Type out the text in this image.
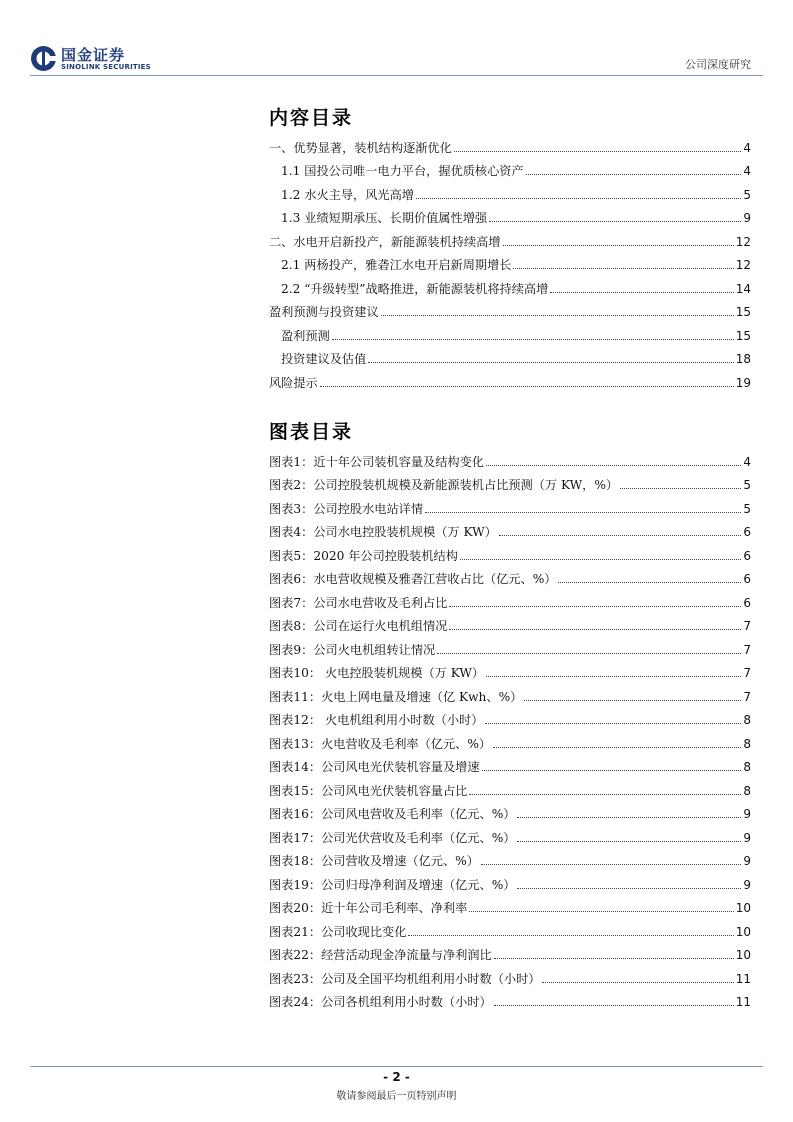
国金证券
SINOLINK SECURITIES	公司深度研究
内容目录
一、优势显著，装机结构逐渐优化	4
1.1 国投公司唯一电力平台，握优质核心资产	4
1.2 水火主导，风光高增	5
1.3 业绩短期承压、长期价值属性增强	9
二、水电开启新投产，新能源装机持续高增	12
2.1 两杨投产，雅砻江水电开启新周期增长	12
2.2 “升级转型”战略推进，新能源装机将持续高增	14
盈利预测与投资建议	15
盈利预测	15
投资建议及估值	18
风险提示	19
图表目录
图表1：近十年公司装机容量及结构变化	4
图表2：公司控股装机规模及新能源装机占比预测（万 KW，%）	5
图表3：公司控股水电站详情	5
图表4：公司水电控股装机规模（万 KW）	6
图表5：2020 年公司控股装机结构	6
图表6：水电营收规模及雅砻江营收占比（亿元、%）	6
图表7：公司水电营收及毛利占比	6
图表8：公司在运行火电机组情况	7
图表9：公司火电机组转让情况	7
图表10： 火电控股装机规模（万 KW）	7
图表11：火电上网电量及增速（亿 Kwh、%）	7
图表12： 火电机组利用小时数（小时）	8
图表13：火电营收及毛利率（亿元、%）	8
图表14：公司风电光伏装机容量及增速	8
图表15：公司风电光伏装机容量占比	8
图表16：公司风电营收及毛利率（亿元、%）	9
图表17：公司光伏营收及毛利率（亿元、%）	9
图表18：公司营收及增速（亿元、%）	9
图表19：公司归母净利润及增速（亿元、%）	9
图表20：近十年公司毛利率、净利率	10
图表21：公司收现比变化	10
图表22：经营活动现金净流量与净利润比	10
图表23：公司及全国平均机组利用小时数（小时）	11
图表24：公司各机组利用小时数（小时）	11
- 2 -
敬请参阅最后一页特别声明
